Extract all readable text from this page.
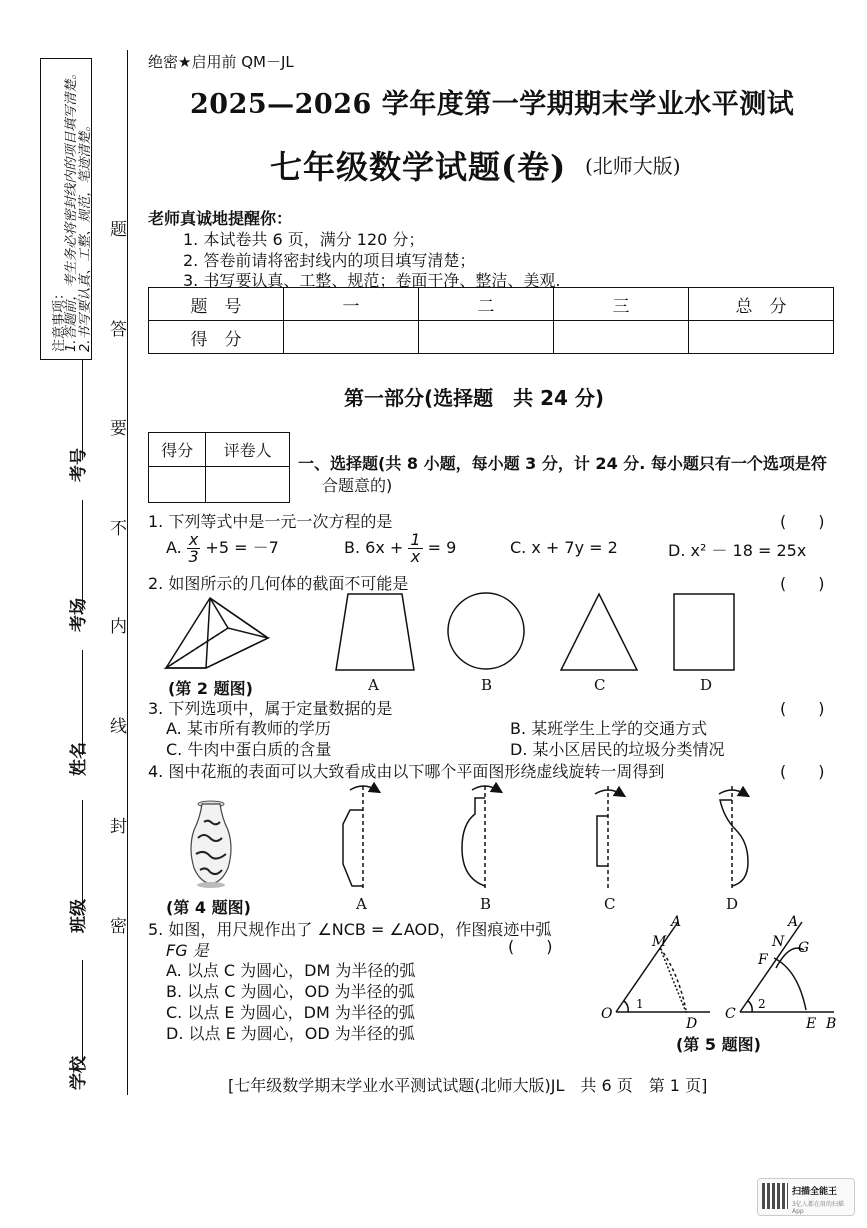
注意事项：
1.答题前，考生务必将密封线内的项目填写清楚。 2.书写要认真、工整、规范，笔迹清楚。 题
答
要
不
内
线
封
密
考号
考场
姓名
班级
学校
绝密★启用前 QM－JL
2025—2026 学年度第一学期期末学业水平测试
七年级数学试题(卷) (北师大版)
老师真诚地提醒你：
1. 本试卷共 6 页，满分 120 分；
2. 答卷前请将密封线内的项目填写清楚；
3. 书写要认真、工整、规范；卷面干净、整洁、美观.
题　号	一	二	三	总　分
得　分				
第一部分(选择题　共 24 分)
得分	评卷人

一、选择题(共 8 小题，每小题 3 分，计 24 分. 每小题只有一个选项是符
合题意的)
1. 下列等式中是一元一次方程的是	(　　)
A. $\frac{x}{3} +5 = -7$	B. $6x + \frac{1}{x} = 9$	C. x + 7y = 2	D. x² － 18 = 25x
2. 如图所示的几何体的截面不可能是	(　　)
(第 2 题图)	A	B	C	D
3. 下列选项中，属于定量数据的是	(　　)
A. 某市所有教师的学历	B. 某班学生上学的交通方式
C. 牛肉中蛋白质的含量	D. 某小区居民的垃圾分类情况
4. 图中花瓶的表面可以大致看成由以下哪个平面图形绕虚线旋转一周得到	(　　)
(第 4 题图)	A	B	C	D
5. 如图，用尺规作出了 ∠NCB = ∠AOD，作图痕迹中弧
FG 是	(　　)
A. 以点 C 为圆心，DM 为半径的弧
B. 以点 C 为圆心，OD 为半径的弧
C. 以点 E 为圆心，DM 为半径的弧
D. 以点 E 为圆心，OD 为半径的弧
A
M
O
D
1
A
N G
F
C
2
E B
(第 5 题图)
[七年级数学期末学业水平测试试题(北师大版)JL　共 6 页　第 1 页]
扫描全能王
3亿人都在用的扫描App
